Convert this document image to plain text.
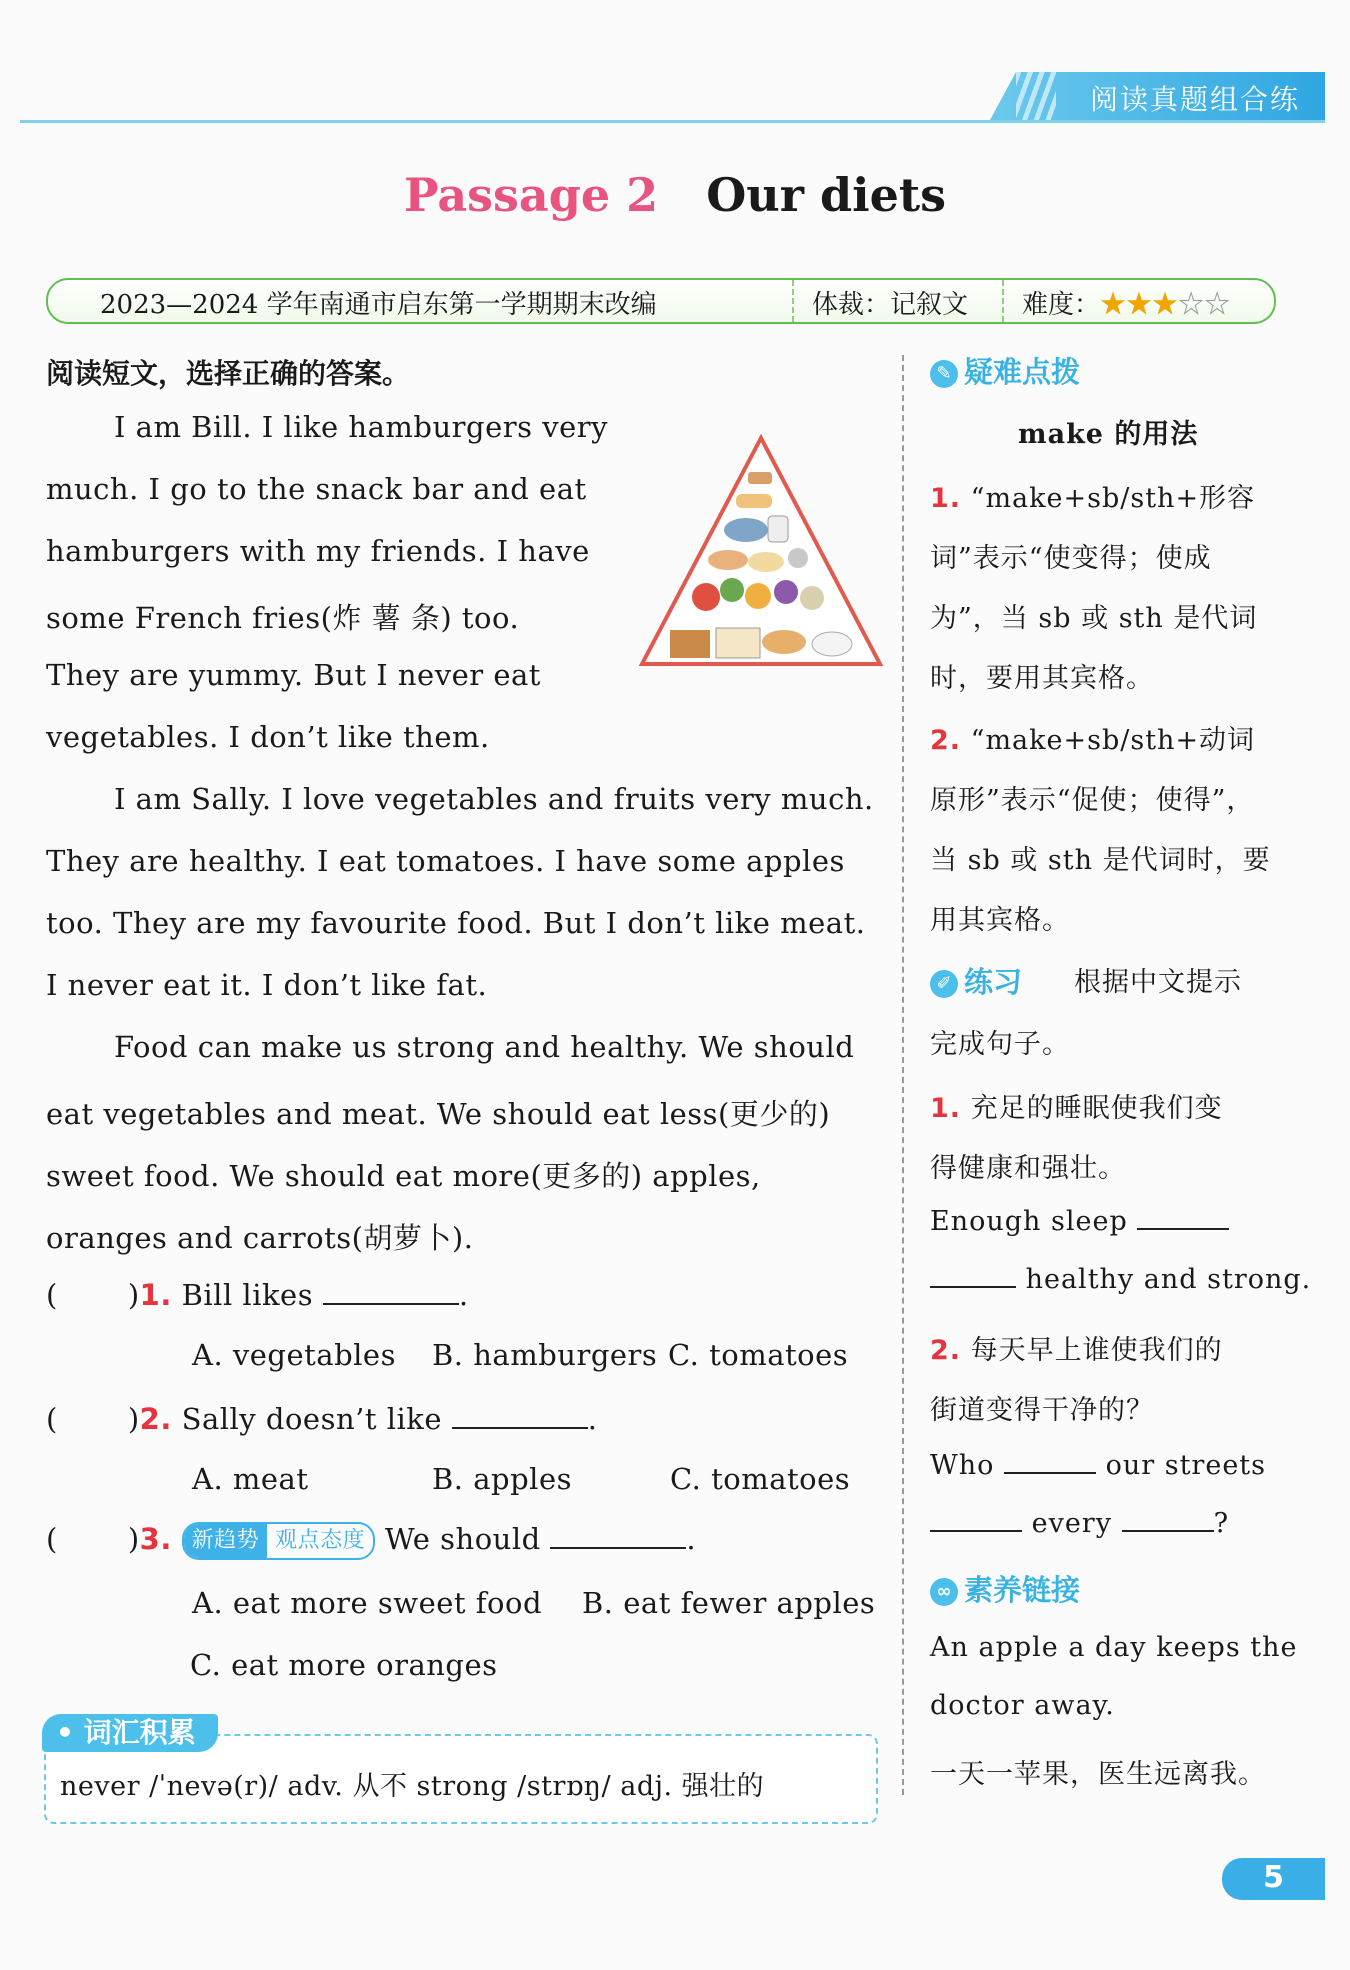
阅读真题组合练
Passage 2 Our diets
2023—2024 学年南通市启东第一学期期末改编	体裁：记叙文 难度：★★★☆☆
阅读短文，选择正确的答案。
I am Bill. I like hamburgers very
much. I go to the snack bar and eat
hamburgers with my friends. I have
some French fries(炸 薯 条) too.
They are yummy. But I never eat
vegetables. I don’t like them.
I am Sally. I love vegetables and fruits very much.
They are healthy. I eat tomatoes. I have some apples
too. They are my favourite food. But I don’t like meat.
I never eat it. I don’t like fat.
Food can make us strong and healthy. We should
eat vegetables and meat. We should eat less(更少的)
sweet food. We should eat more(更多的) apples,
oranges and carrots(胡萝卜).
( )1. Bill likes	.
A. vegetables B. hamburgers C. tomatoes
( )2. Sally doesn’t like	.
A. meat	B. apples	C. tomatoes
( )3. 新趋势 观点态度 We should	.
A. eat more sweet food B. eat fewer apples
C. eat more oranges
• 词汇积累
never /ˈnevə(r)/ adv. 从不 strong /strɒŋ/ adj. 强壮的
✎ 疑难点拨
make 的用法
1. “make+sb/sth+形容
词”表示“使变得；使成
为”，当 sb 或 sth 是代词
时，要用其宾格。
2. “make+sb/sth+动词
原形”表示“促使；使得”，
当 sb 或 sth 是代词时，要
用其宾格。
✐ 练习 根据中文提示
完成句子。
1. 充足的睡眠使我们变
得健康和强壮。
Enough sleep
healthy and strong.
2. 每天早上谁使我们的
街道变得干净的？
Who	our streets
every	?
∞ 素养链接
An apple a day keeps the
doctor away.
一天一苹果，医生远离我。
5
